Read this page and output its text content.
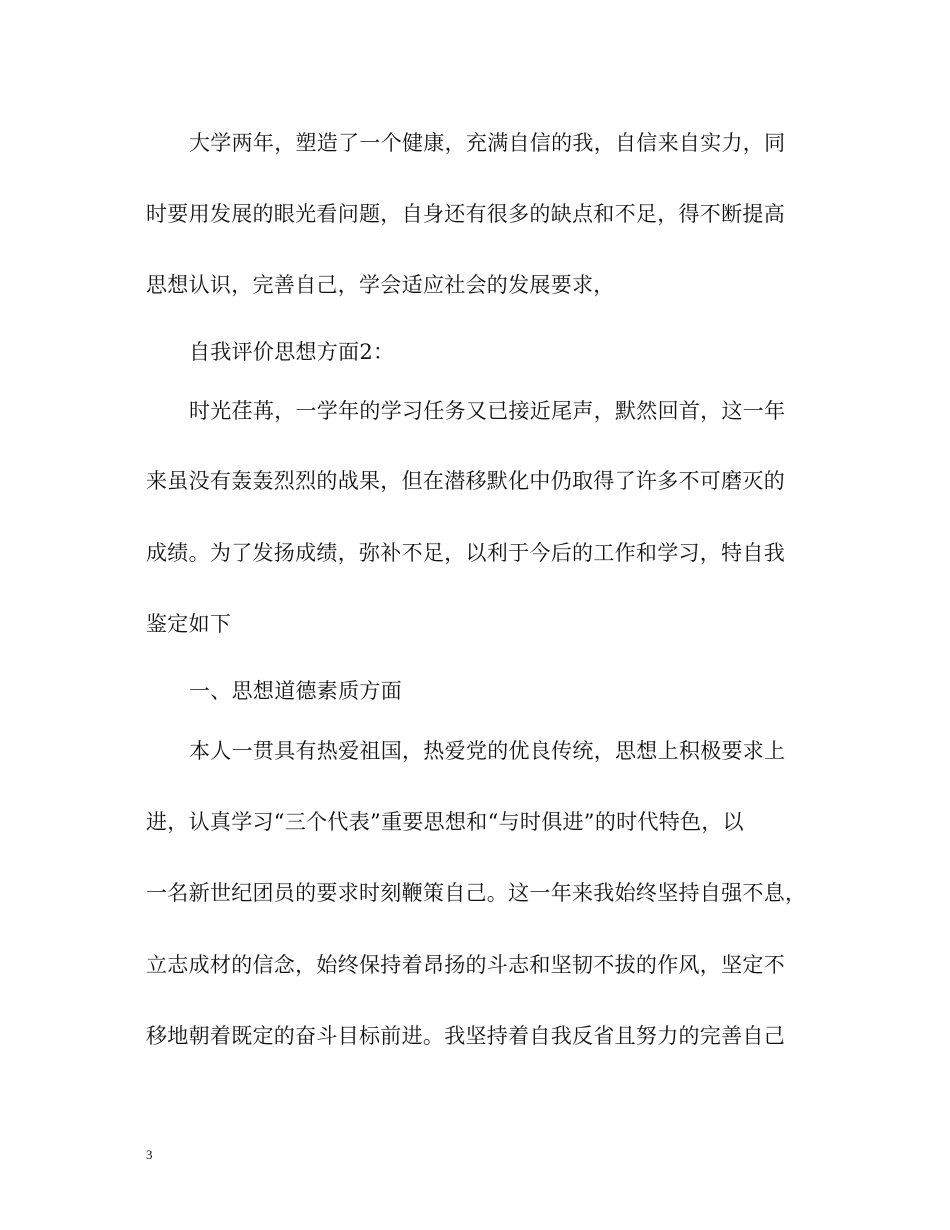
大学两年，塑造了一个健康，充满自信的我，自信来自实力，同
时要用发展的眼光看问题，自身还有很多的缺点和不足，得不断提高
思想认识，完善自己，学会适应社会的发展要求，
自我评价思想方面2：
时光荏苒，一学年的学习任务又已接近尾声，默然回首，这一年
来虽没有轰轰烈烈的战果，但在潜移默化中仍取得了许多不可磨灭的
成绩。为了发扬成绩，弥补不足，以利于今后的工作和学习，特自我
鉴定如下
一、思想道德素质方面
本人一贯具有热爱祖国，热爱党的优良传统，思想上积极要求上
进，认真学习“三个代表”重要思想和“与时俱进”的时代特色，以
一名新世纪团员的要求时刻鞭策自己。这一年来我始终坚持自强不息，
立志成材的信念，始终保持着昂扬的斗志和坚韧不拔的作风，坚定不
移地朝着既定的奋斗目标前进。我坚持着自我反省且努力的完善自己
3
